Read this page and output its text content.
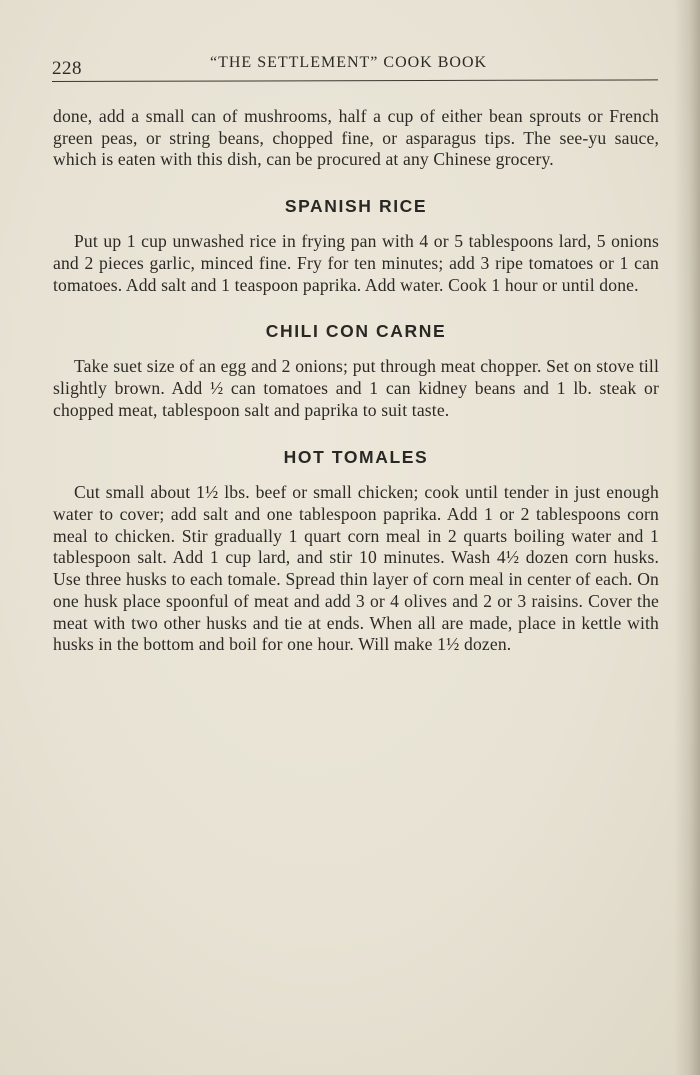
228	“THE SETTLEMENT” COOK BOOK

done, add a small can of mushrooms, half a cup of either bean sprouts or French green peas, or string beans, chopped fine, or asparagus tips. The see-yu sauce, which is eaten with this dish, can be procured at any Chinese grocery.

SPANISH RICE

Put up 1 cup unwashed rice in frying pan with 4 or 5 tablespoons lard, 5 onions and 2 pieces garlic, minced fine. Fry for ten minutes; add 3 ripe tomatoes or 1 can tomatoes. Add salt and 1 teaspoon paprika. Add water. Cook 1 hour or until done.

CHILI CON CARNE

Take suet size of an egg and 2 onions; put through meat chopper. Set on stove till slightly brown. Add ½ can tomatoes and 1 can kidney beans and 1 lb. steak or chopped meat, tablespoon salt and paprika to suit taste.

HOT TOMALES

Cut small about 1½ lbs. beef or small chicken; cook until tender in just enough water to cover; add salt and one tablespoon paprika. Add 1 or 2 tablespoons corn meal to chicken. Stir gradually 1 quart corn meal in 2 quarts boiling water and 1 tablespoon salt. Add 1 cup lard, and stir 10 minutes. Wash 4½ dozen corn husks. Use three husks to each tomale. Spread thin layer of corn meal in center of each. On one husk place spoonful of meat and add 3 or 4 olives and 2 or 3 raisins. Cover the meat with two other husks and tie at ends. When all are made, place in kettle with husks in the bottom and boil for one hour. Will make 1½ dozen.
